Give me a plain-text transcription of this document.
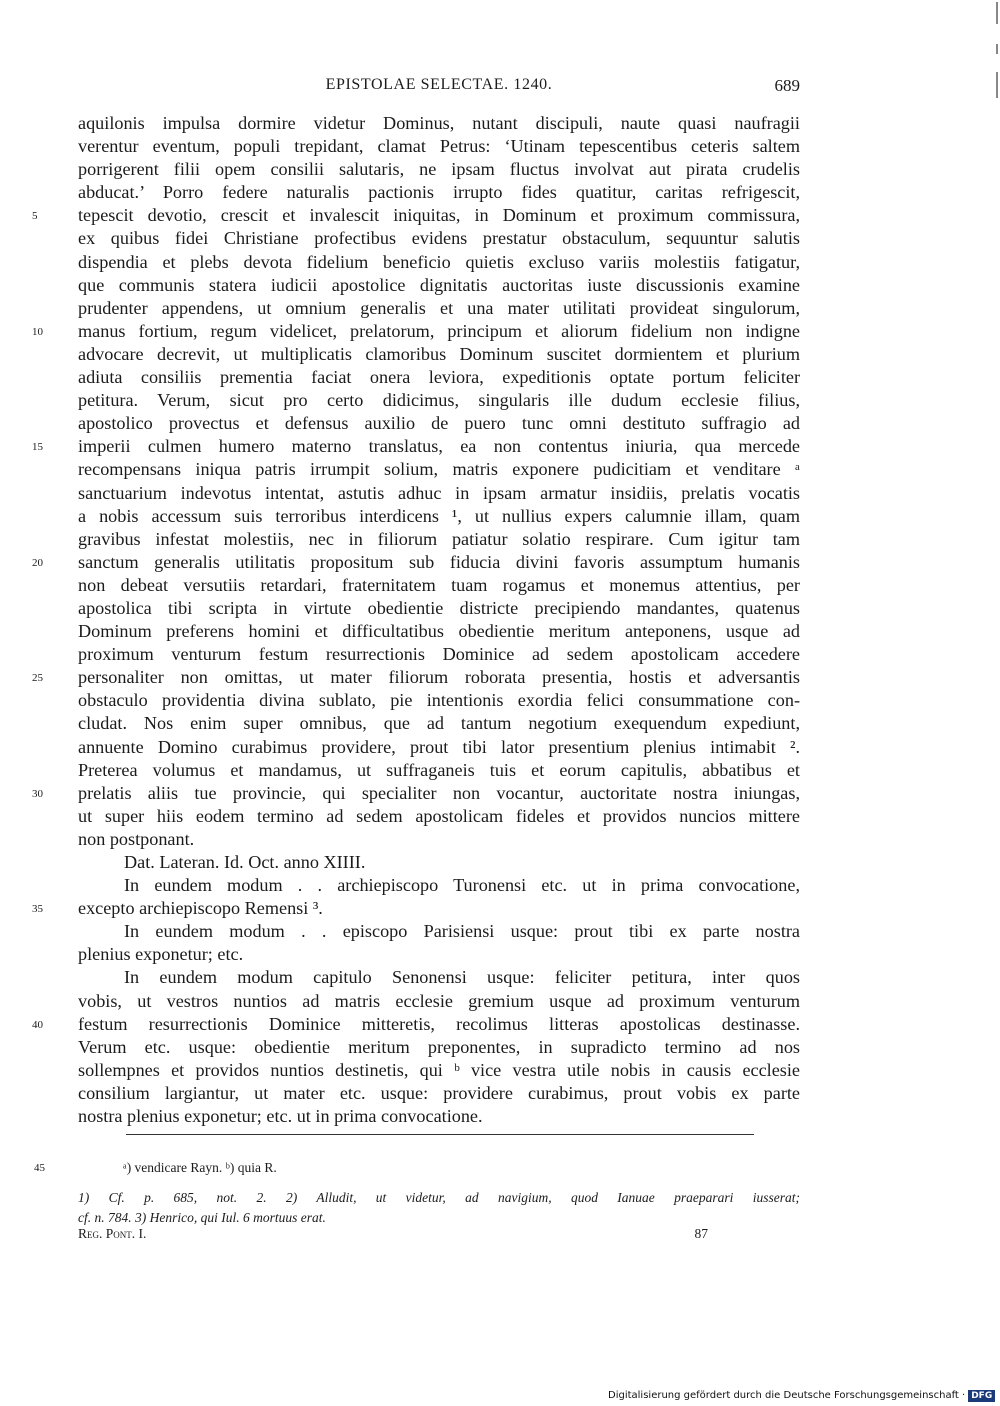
EPISTOLAE SELECTAE. 1240.	689
aquilonis impulsa dormire videtur Dominus, nutant discipuli, naute quasi naufragii
verentur eventum, populi trepidant, clamat Petrus: ‘Utinam tepescentibus ceteris saltem
porrigerent filii opem consilii salutaris, ne ipsam fluctus involvat aut pirata crudelis
abducat.’ Porro federe naturalis pactionis irrupto fides quatitur, caritas refrigescit,
tepescit devotio, crescit et invalescit iniquitas, in Dominum et proximum commissura,
5
ex quibus fidei Christiane profectibus evidens prestatur obstaculum, sequuntur salutis
dispendia et plebs devota fidelium beneficio quietis excluso variis molestiis fatigatur,
que communis statera iudicii apostolice dignitatis auctoritas iuste discussionis examine
prudenter appendens, ut omnium generalis et una mater utilitati provideat singulorum,
manus fortium, regum videlicet, prelatorum, principum et aliorum fidelium non indigne
10
advocare decrevit, ut multiplicatis clamoribus Dominum suscitet dormientem et plurium
adiuta consiliis prementia faciat onera leviora, expeditionis optate portum feliciter
petitura. Verum, sicut pro certo didicimus, singularis ille dudum ecclesie filius,
apostolico provectus et defensus auxilio de puero tunc omni destituto suffragio ad
imperii culmen humero materno translatus, ea non contentus iniuria, qua mercede
15
recompensans iniqua patris irrumpit solium, matris exponere pudicitiam et venditare ᵃ
sanctuarium indevotus intentat, astutis adhuc in ipsam armatur insidiis, prelatis vocatis
a nobis accessum suis terroribus interdicens ¹, ut nullius expers calumnie illam, quam
gravibus infestat molestiis, nec in filiorum patiatur solatio respirare. Cum igitur tam
sanctum generalis utilitatis propositum sub fiducia divini favoris assumptum humanis
20
non debeat versutiis retardari, fraternitatem tuam rogamus et monemus attentius, per
apostolica tibi scripta in virtute obedientie districte precipiendo mandantes, quatenus
Dominum preferens homini et difficultatibus obedientie meritum anteponens, usque ad
proximum venturum festum resurrectionis Dominice ad sedem apostolicam accedere
personaliter non omittas, ut mater filiorum roborata presentia, hostis et adversantis
25
obstaculo providentia divina sublato, pie intentionis exordia felici consummatione con-
cludat. Nos enim super omnibus, que ad tantum negotium exequendum expediunt,
annuente Domino curabimus providere, prout tibi lator presentium plenius intimabit ².
Preterea volumus et mandamus, ut suffraganeis tuis et eorum capitulis, abbatibus et
prelatis aliis tue provincie, qui specialiter non vocantur, auctoritate nostra iniungas,
30
ut super hiis eodem termino ad sedem apostolicam fideles et providos nuncios mittere
non postponant.
Dat. Lateran. Id. Oct. anno XIIII.
In eundem modum . . archiepiscopo Turonensi etc. ut in prima convocatione,
excepto archiepiscopo Remensi ³.
35
In eundem modum . . episcopo Parisiensi usque: prout tibi ex parte nostra
plenius exponetur; etc.
In eundem modum capitulo Senonensi usque: feliciter petitura, inter quos
vobis, ut vestros nuntios ad matris ecclesie gremium usque ad proximum venturum
festum resurrectionis Dominice mitteretis, recolimus litteras apostolicas destinasse.
40
Verum etc. usque: obedientie meritum preponentes, in supradicto termino ad nos
sollempnes et providos nuntios destinetis, qui ᵇ vice vestra utile nobis in causis ecclesie
consilium largiantur, ut mater etc. usque: providere curabimus, prout vobis ex parte
nostra plenius exponetur; etc. ut in prima convocatione.
45	ᵃ) vendicare Rayn. ᵇ) quia R.
1) Cf. p. 685, not. 2. 2) Alludit, ut videtur, ad navigium, quod Ianuae praeparari iusserat;
cf. n. 784. 3) Henrico, qui Iul. 6 mortuus erat.
Reg. Pont. I.	87
Digitalisierung gefördert durch die Deutsche Forschungsgemeinschaft · DFG
